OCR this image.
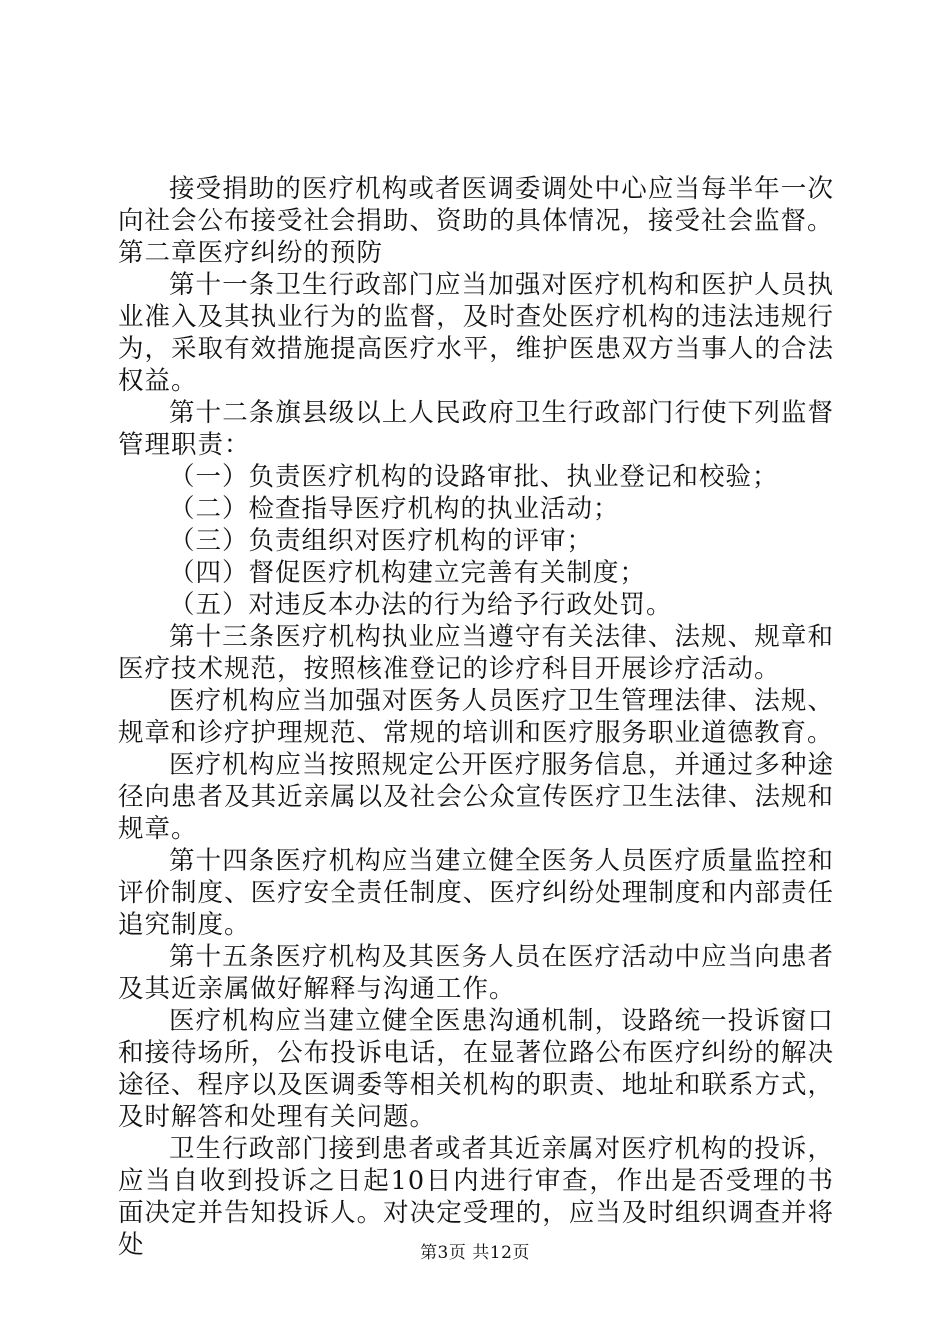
接受捐助的医疗机构或者医调委调处中心应当每半年一次向社会公布接受社会捐助、资助的具体情况，接受社会监督。

第二章医疗纠纷的预防

第十一条卫生行政部门应当加强对医疗机构和医护人员执业准入及其执业行为的监督，及时查处医疗机构的违法违规行为，采取有效措施提高医疗水平，维护医患双方当事人的合法权益。

第十二条旗县级以上人民政府卫生行政部门行使下列监督管理职责：

（一）负责医疗机构的设路审批、执业登记和校验；

（二）检查指导医疗机构的执业活动；

（三）负责组织对医疗机构的评审；

（四）督促医疗机构建立完善有关制度；

（五）对违反本办法的行为给予行政处罚。

第十三条医疗机构执业应当遵守有关法律、法规、规章和医疗技术规范，按照核准登记的诊疗科目开展诊疗活动。

医疗机构应当加强对医务人员医疗卫生管理法律、法规、规章和诊疗护理规范、常规的培训和医疗服务职业道德教育。

医疗机构应当按照规定公开医疗服务信息，并通过多种途径向患者及其近亲属以及社会公众宣传医疗卫生法律、法规和规章。

第十四条医疗机构应当建立健全医务人员医疗质量监控和评价制度、医疗安全责任制度、医疗纠纷处理制度和内部责任追究制度。

第十五条医疗机构及其医务人员在医疗活动中应当向患者及其近亲属做好解释与沟通工作。

医疗机构应当建立健全医患沟通机制，设路统一投诉窗口和接待场所，公布投诉电话，在显著位路公布医疗纠纷的解决途径、程序以及医调委等相关机构的职责、地址和联系方式，及时解答和处理有关问题。

卫生行政部门接到患者或者其近亲属对医疗机构的投诉，应当自收到投诉之日起10日内进行审查，作出是否受理的书面决定并告知投诉人。对决定受理的，应当及时组织调查并将处	第3页 共12页
